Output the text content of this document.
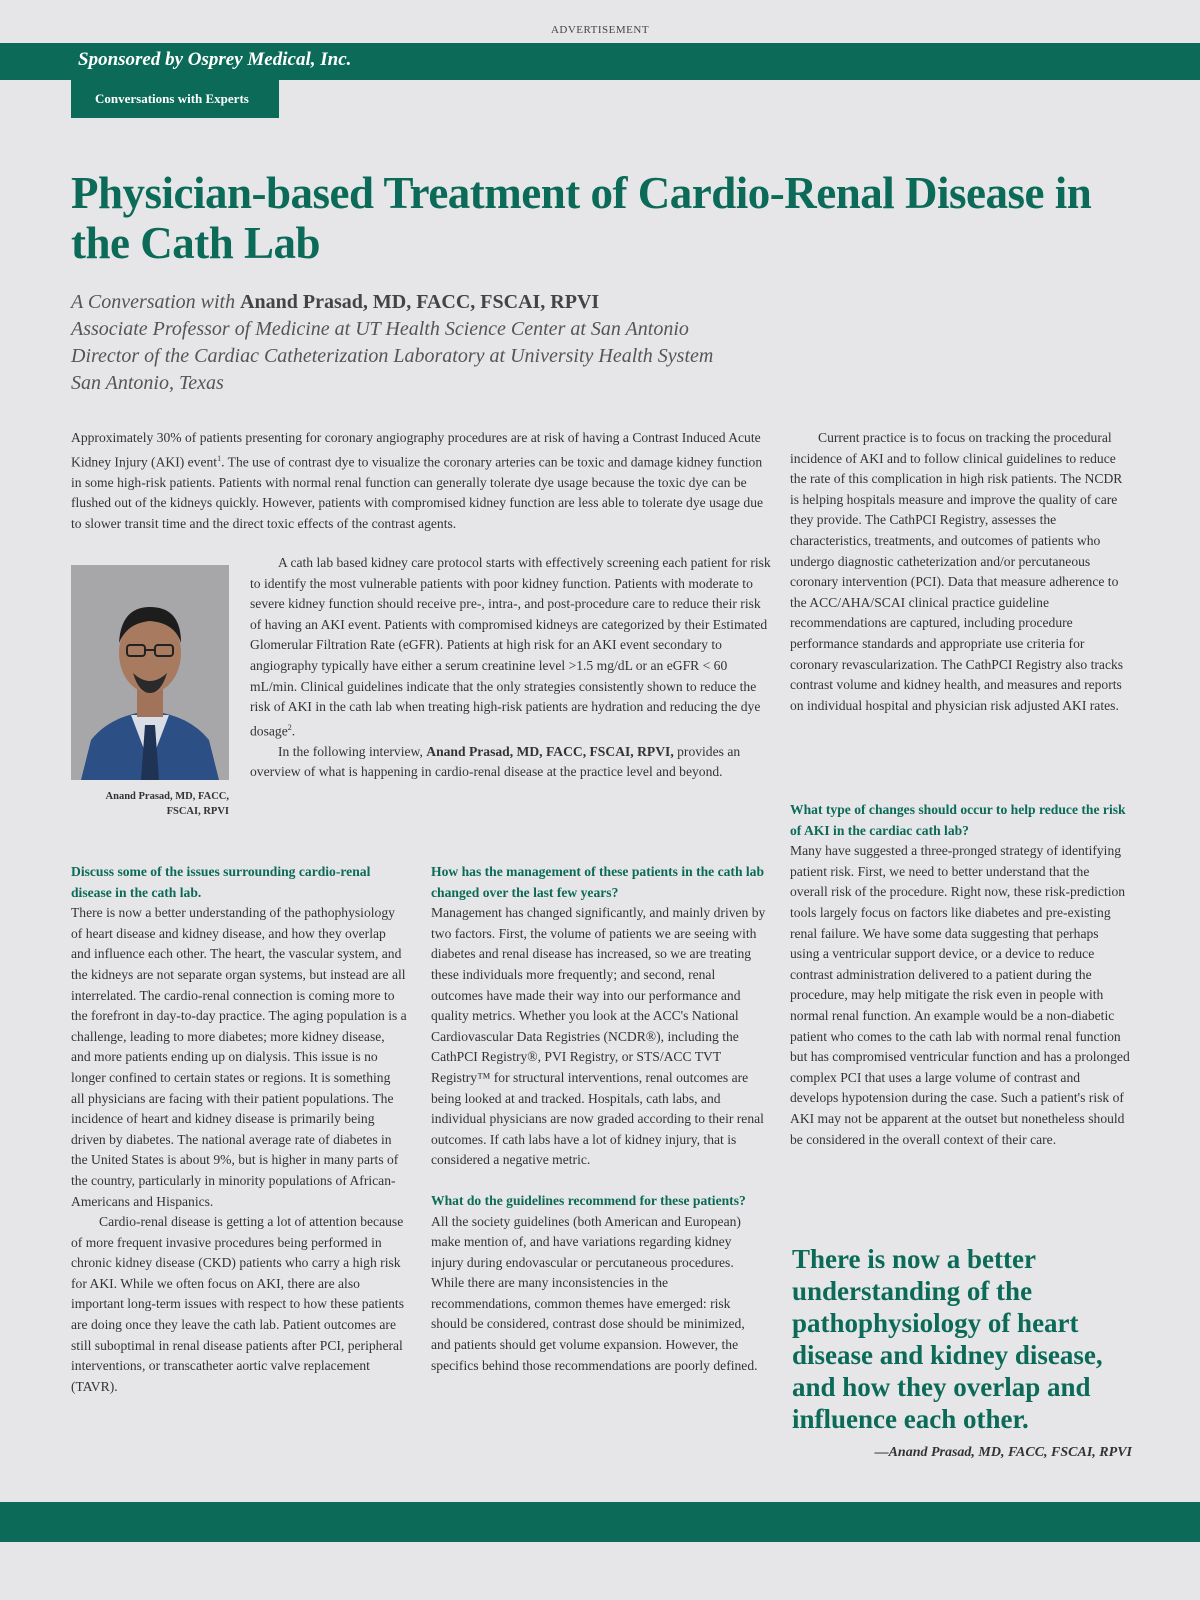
ADVERTISEMENT
Sponsored by Osprey Medical, Inc.
Conversations with Experts
Physician-based Treatment of Cardio-Renal Disease in the Cath Lab
A Conversation with Anand Prasad, MD, FACC, FSCAI, RPVI
Associate Professor of Medicine at UT Health Science Center at San Antonio
Director of the Cardiac Catheterization Laboratory at University Health System
San Antonio, Texas

Approximately 30% of patients presenting for coronary angiography procedures are at risk of having a Contrast Induced Acute Kidney Injury (AKI) event$^1$. The use of contrast dye to visualize the coronary arteries can be toxic and damage kidney function in some high-risk patients. Patients with normal renal function can generally tolerate dye usage because the toxic dye can be flushed out of the kidneys quickly. However, patients with compromised kidney function are less able to tolerate dye usage due to slower transit time and the direct toxic effects of the contrast agents.

Anand Prasad, MD, FACC, FSCAI, RPVI

A cath lab based kidney care protocol starts with effectively screening each patient for risk to identify the most vulnerable patients with poor kidney function. Patients with moderate to severe kidney function should receive pre-, intra-, and post-procedure care to reduce their risk of having an AKI event. Patients with compromised kidneys are categorized by their Estimated Glomerular Filtration Rate (eGFR). Patients at high risk for an AKI event secondary to angiography typically have either a serum creatinine level >1.5 mg/dL or an eGFR < 60 mL/min. Clinical guidelines indicate that the only strategies consistently shown to reduce the risk of AKI in the cath lab when treating high-risk patients are hydration and reducing the dye dosage$^2$.

In the following interview, Anand Prasad, MD, FACC, FSCAI, RPVI, provides an overview of what is happening in cardio-renal disease at the practice level and beyond.

Current practice is to focus on tracking the procedural incidence of AKI and to follow clinical guidelines to reduce the rate of this complication in high risk patients. The NCDR is helping hospitals measure and improve the quality of care they provide. The CathPCI Registry, assesses the characteristics, treatments, and outcomes of patients who undergo diagnostic catheterization and/or percutaneous coronary intervention (PCI). Data that measure adherence to the ACC/AHA/SCAI clinical practice guideline recommendations are captured, including procedure performance standards and appropriate use criteria for coronary revascularization. The CathPCI Registry also tracks contrast volume and kidney health, and measures and reports on individual hospital and physician risk adjusted AKI rates.

Discuss some of the issues surrounding cardio-renal disease in the cath lab.

There is now a better understanding of the pathophysiology of heart disease and kidney disease, and how they overlap and influence each other. The heart, the vascular system, and the kidneys are not separate organ systems, but instead are all interrelated. The cardio-renal connection is coming more to the forefront in day-to-day practice. The aging population is a challenge, leading to more diabetes; more kidney disease, and more patients ending up on dialysis. This issue is no longer confined to certain states or regions. It is something all physicians are facing with their patient populations. The incidence of heart and kidney disease is primarily being driven by diabetes. The national average rate of diabetes in the United States is about 9%, but is higher in many parts of the country, particularly in minority populations of African-Americans and Hispanics.

Cardio-renal disease is getting a lot of attention because of more frequent invasive procedures being performed in chronic kidney disease (CKD) patients who carry a high risk for AKI. While we often focus on AKI, there are also important long-term issues with respect to how these patients are doing once they leave the cath lab. Patient outcomes are still suboptimal in renal disease patients after PCI, peripheral interventions, or transcatheter aortic valve replacement (TAVR).

How has the management of these patients in the cath lab changed over the last few years?

Management has changed significantly, and mainly driven by two factors. First, the volume of patients we are seeing with diabetes and renal disease has increased, so we are treating these individuals more frequently; and second, renal outcomes have made their way into our performance and quality metrics. Whether you look at the ACC's National Cardiovascular Data Registries (NCDR®), including the CathPCI Registry®, PVI Registry, or STS/ACC TVT Registry™ for structural interventions, renal outcomes are being looked at and tracked. Hospitals, cath labs, and individual physicians are now graded according to their renal outcomes. If cath labs have a lot of kidney injury, that is considered a negative metric.

What do the guidelines recommend for these patients?

All the society guidelines (both American and European) make mention of, and have variations regarding kidney injury during endovascular or percutaneous procedures. While there are many inconsistencies in the recommendations, common themes have emerged: risk should be considered, contrast dose should be minimized, and patients should get volume expansion. However, the specifics behind those recommendations are poorly defined.

What type of changes should occur to help reduce the risk of AKI in the cardiac cath lab?

Many have suggested a three-pronged strategy of identifying patient risk. First, we need to better understand that the overall risk of the procedure. Right now, these risk-prediction tools largely focus on factors like diabetes and pre-existing renal failure. We have some data suggesting that perhaps using a ventricular support device, or a device to reduce contrast administration delivered to a patient during the procedure, may help mitigate the risk even in people with normal renal function. An example would be a non-diabetic patient who comes to the cath lab with normal renal function but has compromised ventricular function and has a prolonged complex PCI that uses a large volume of contrast and develops hypotension during the case. Such a patient's risk of AKI may not be apparent at the outset but nonetheless should be considered in the overall context of their care.

There is now a better understanding of the pathophysiology of heart disease and kidney disease, and how they overlap and influence each other.

—Anand Prasad, MD, FACC, FSCAI, RPVI
